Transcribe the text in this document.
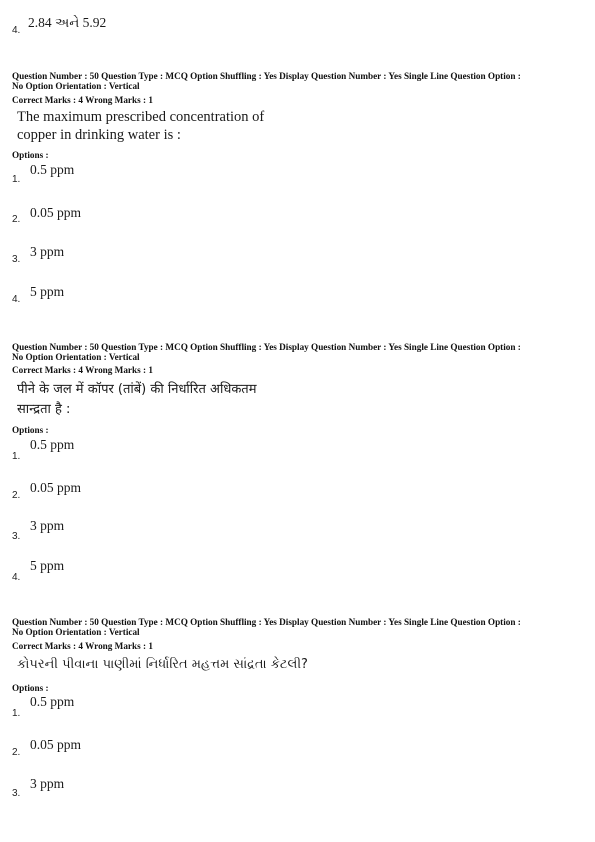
4.
2.84 અને 5.92
Question Number : 50 Question Type : MCQ Option Shuffling : Yes Display Question Number : Yes Single Line Question Option :
No Option Orientation : Vertical
Correct Marks : 4 Wrong Marks : 1
The maximum prescribed concentration of
copper in drinking water is :
Options :
1.
0.5 ppm
2. 0.05 ppm
3.
3 ppm
4.
5 ppm
Question Number : 50 Question Type : MCQ Option Shuffling : Yes Display Question Number : Yes Single Line Question Option :
No Option Orientation : Vertical
Correct Marks : 4 Wrong Marks : 1
पीने के जल में कॉपर (तांबें) की निर्धारित अधिकतम
सान्द्रता है :
Options :
1.
0.5 ppm
2.
0.05 ppm
3.
3 ppm
4.
5 ppm
Question Number : 50 Question Type : MCQ Option Shuffling : Yes Display Question Number : Yes Single Line Question Option :
No Option Orientation : Vertical
Correct Marks : 4 Wrong Marks : 1
કોપરની પીવાના પાણીમાં નિર્ધારિત મહત્તમ સાંદ્રતા કેટલી?
Options :
1.
0.5 ppm
2.
0.05 ppm
3.
3 ppm
